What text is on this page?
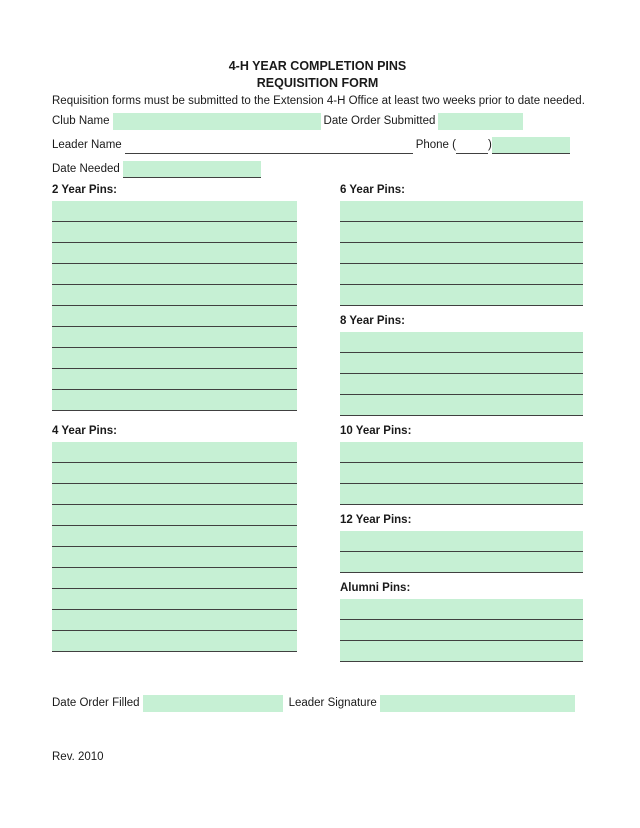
4-H YEAR COMPLETION PINS
REQUISITION FORM

Requisition forms must be submitted to the Extension 4-H Office at least two weeks prior to date needed.

Club Name	Date Order Submitted
Leader Name	Phone (	)
Date Needed
2 Year Pins:
4 Year Pins:
6 Year Pins:
8 Year Pins:
10 Year Pins:
12 Year Pins:
Alumni Pins:
Date Order Filled	Leader Signature
Rev. 2010
